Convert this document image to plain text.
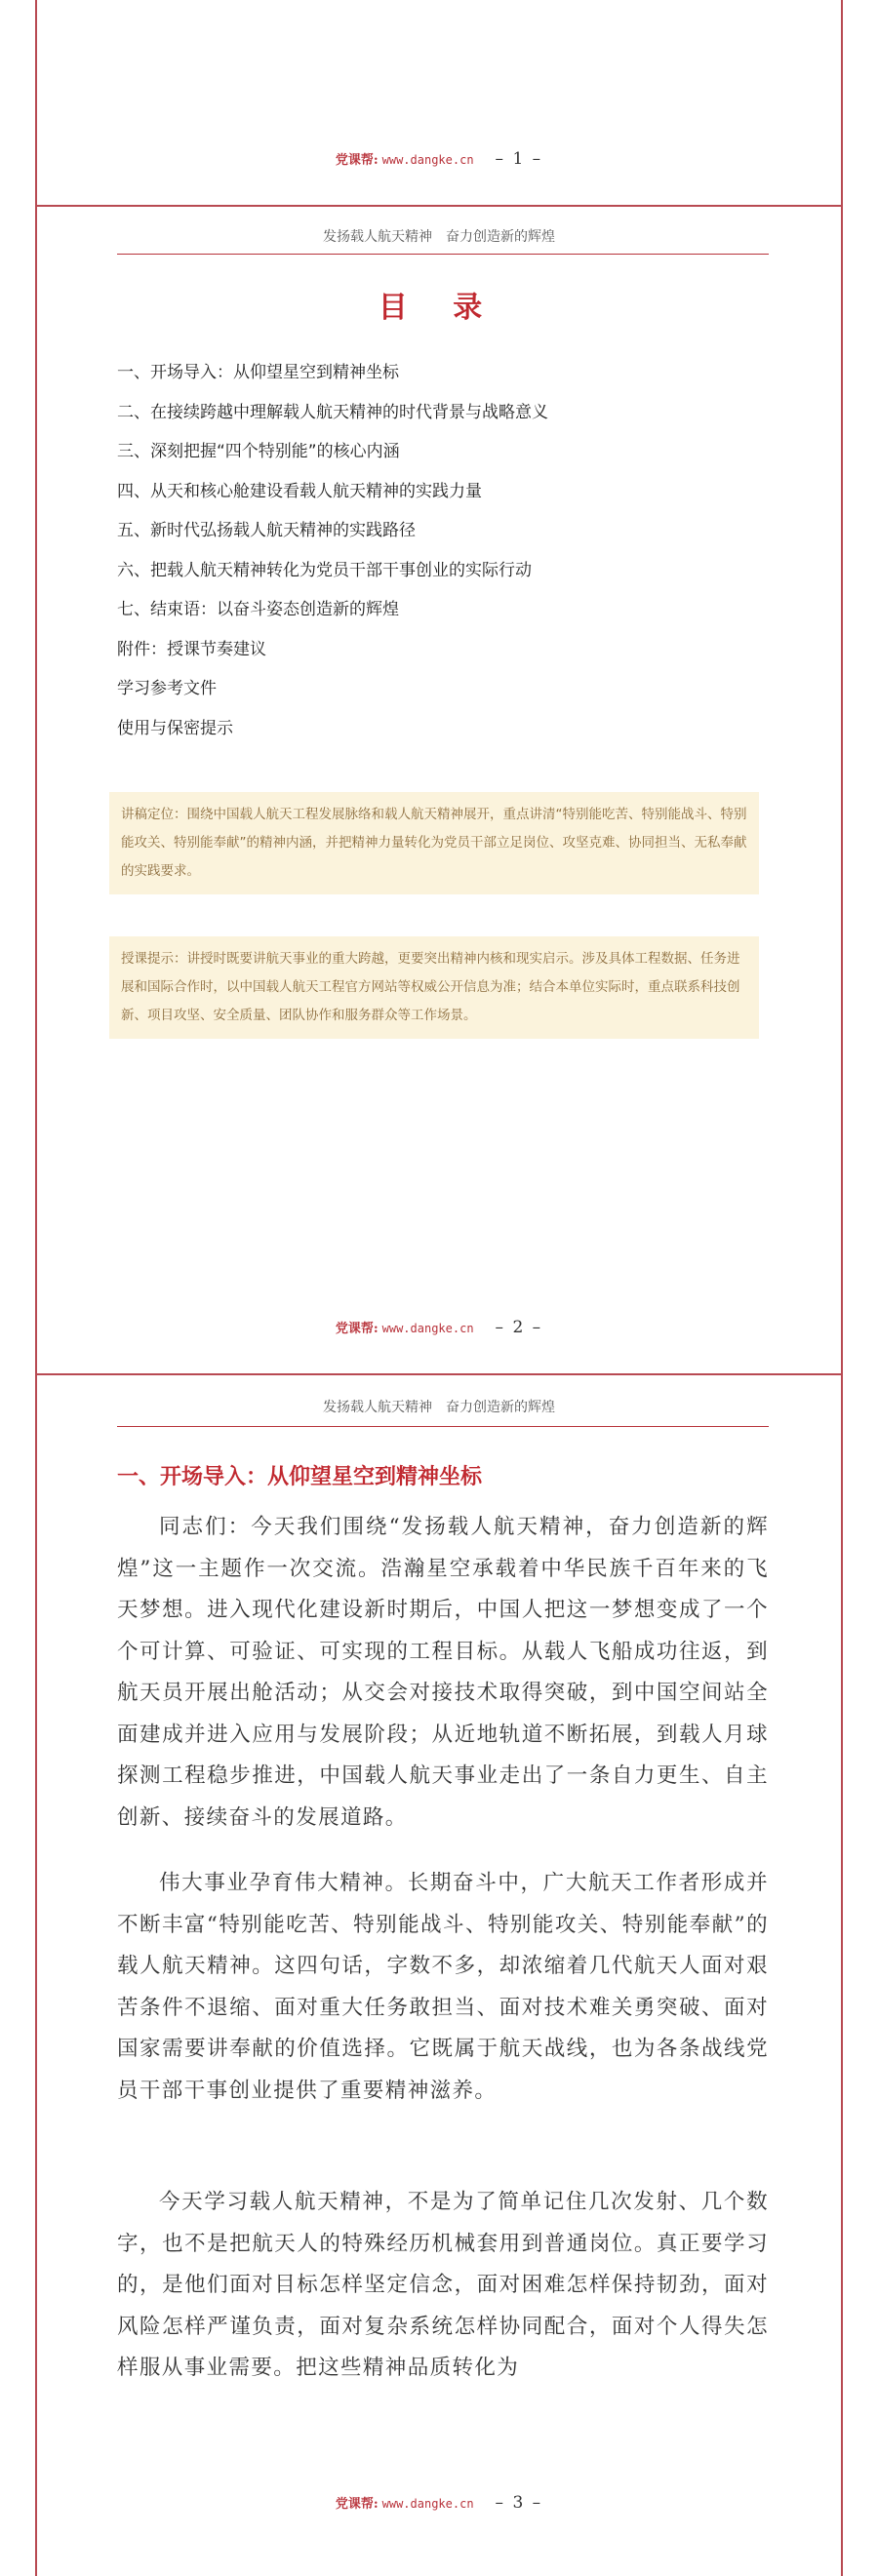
党课帮: www.dangke.cn – 1 –
发扬载人航天精神 奋力创造新的辉煌
目 录
一、开场导入：从仰望星空到精神坐标
二、在接续跨越中理解载人航天精神的时代背景与战略意义
三、深刻把握“四个特别能”的核心内涵
四、从天和核心舱建设看载人航天精神的实践力量
五、新时代弘扬载人航天精神的实践路径
六、把载人航天精神转化为党员干部干事创业的实际行动
七、结束语：以奋斗姿态创造新的辉煌
附件：授课节奏建议
学习参考文件
使用与保密提示
讲稿定位：围绕中国载人航天工程发展脉络和载人航天精神展开，重点讲清“特别能吃苦、特别能战斗、特别能攻关、特别能奉献”的精神内涵，并把精神力量转化为党员干部立足岗位、攻坚克难、协同担当、无私奉献的实践要求。
授课提示：讲授时既要讲航天事业的重大跨越，更要突出精神内核和现实启示。涉及具体工程数据、任务进展和国际合作时，以中国载人航天工程官方网站等权威公开信息为准；结合本单位实际时，重点联系科技创新、项目攻坚、安全质量、团队协作和服务群众等工作场景。
党课帮: www.dangke.cn – 2 –
发扬载人航天精神 奋力创造新的辉煌
一、开场导入：从仰望星空到精神坐标

同志们：今天我们围绕“发扬载人航天精神，奋力创造新的辉煌”这一主题作一次交流。浩瀚星空承载着中华民族千百年来的飞天梦想。进入现代化建设新时期后，中国人把这一梦想变成了一个个可计算、可验证、可实现的工程目标。从载人飞船成功往返，到航天员开展出舱活动；从交会对接技术取得突破，到中国空间站全面建成并进入应用与发展阶段；从近地轨道不断拓展，到载人月球探测工程稳步推进，中国载人航天事业走出了一条自力更生、自主创新、接续奋斗的发展道路。

伟大事业孕育伟大精神。长期奋斗中，广大航天工作者形成并不断丰富“特别能吃苦、特别能战斗、特别能攻关、特别能奉献”的载人航天精神。这四句话，字数不多，却浓缩着几代航天人面对艰苦条件不退缩、面对重大任务敢担当、面对技术难关勇突破、面对国家需要讲奉献的价值选择。它既属于航天战线，也为各条战线党员干部干事创业提供了重要精神滋养。

今天学习载人航天精神，不是为了简单记住几次发射、几个数字，也不是把航天人的特殊经历机械套用到普通岗位。真正要学习的，是他们面对目标怎样坚定信念，面对困难怎样保持韧劲，面对风险怎样严谨负责，面对复杂系统怎样协同配合，面对个人得失怎样服从事业需要。把这些精神品质转化为

党课帮: www.dangke.cn – 3 –
